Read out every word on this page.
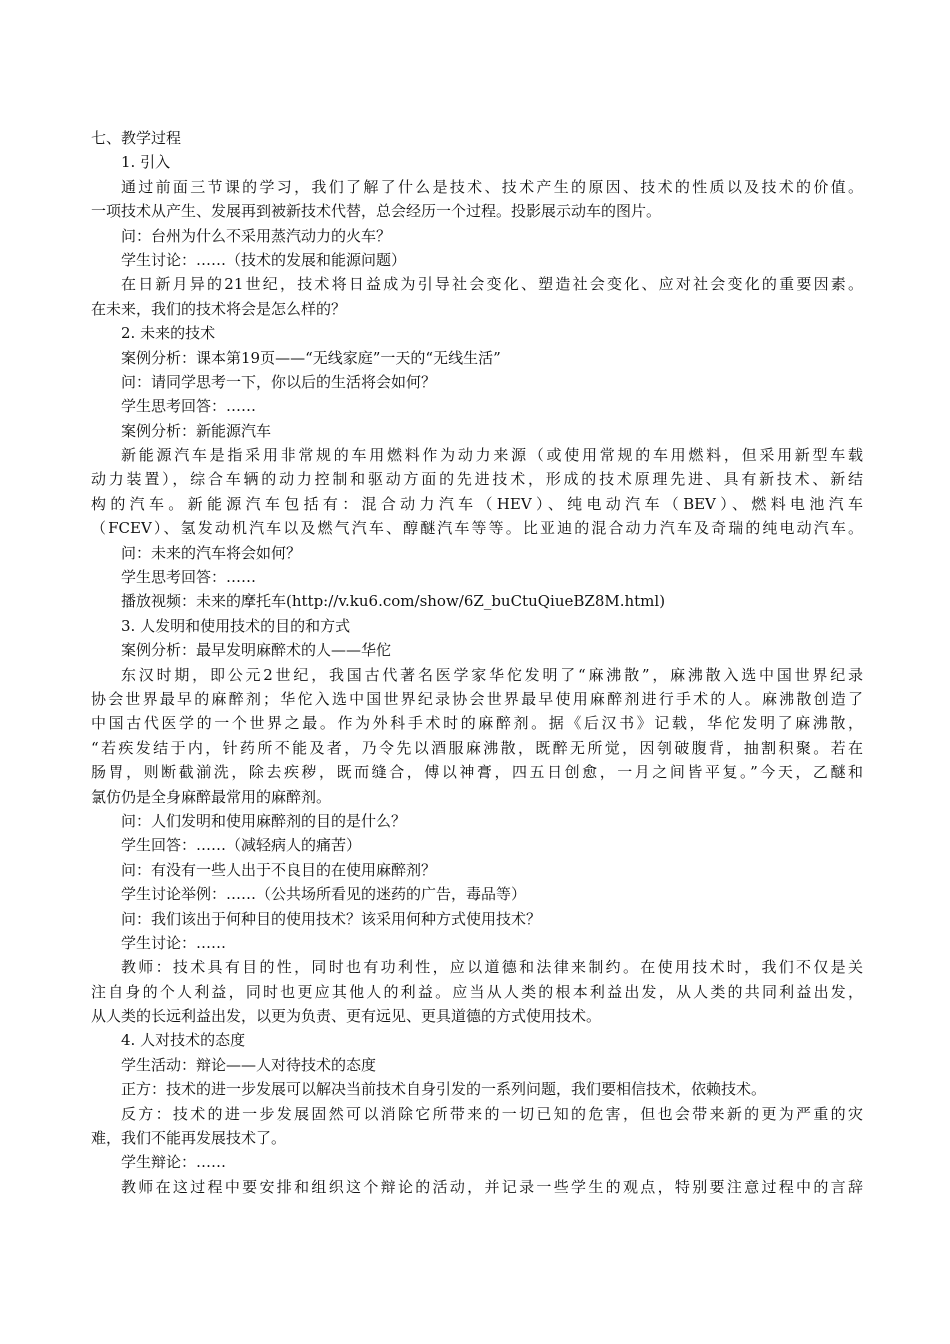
七、教学过程
1. 引入
通过前面三节课的学习，我们了解了什么是技术、技术产生的原因、技术的性质以及技术的价值。
一项技术从产生、发展再到被新技术代替，总会经历一个过程。投影展示动车的图片。
问：台州为什么不采用蒸汽动力的火车？
学生讨论：……（技术的发展和能源问题）
在日新月异的21世纪，技术将日益成为引导社会变化、塑造社会变化、应对社会变化的重要因素。
在未来，我们的技术将会是怎么样的？
2. 未来的技术
案例分析：课本第19页——“无线家庭”一天的“无线生活”
问：请同学思考一下，你以后的生活将会如何？
学生思考回答：……
案例分析：新能源汽车
新能源汽车是指采用非常规的车用燃料作为动力来源（或使用常规的车用燃料，但采用新型车载
动力装置），综合车辆的动力控制和驱动方面的先进技术，形成的技术原理先进、具有新技术、新结
构的汽车。新能源汽车包括有：混合动力汽车（HEV）、纯电动汽车（BEV）、燃料电池汽车
（FCEV）、氢发动机汽车以及燃气汽车、醇醚汽车等等。比亚迪的混合动力汽车及奇瑞的纯电动汽车。
问：未来的汽车将会如何？
学生思考回答：……
播放视频：未来的摩托车(http://v.ku6.com/show/6Z_buCtuQiueBZ8M.html)
3. 人发明和使用技术的目的和方式
案例分析：最早发明麻醉术的人——华佗
东汉时期，即公元2世纪，我国古代著名医学家华佗发明了“麻沸散”，麻沸散入选中国世界纪录
协会世界最早的麻醉剂；华佗入选中国世界纪录协会世界最早使用麻醉剂进行手术的人。麻沸散创造了
中国古代医学的一个世界之最。作为外科手术时的麻醉剂。据《后汉书》记载，华佗发明了麻沸散，
“若疾发结于内，针药所不能及者，乃令先以酒服麻沸散，既醉无所觉，因刳破腹背，抽割积聚。若在
肠胃，则断截湔洗，除去疾秽，既而缝合，傅以神膏，四五日创愈，一月之间皆平复。”今天，乙醚和
氯仿仍是全身麻醉最常用的麻醉剂。
问：人们发明和使用麻醉剂的目的是什么？
学生回答：……（减轻病人的痛苦）
问：有没有一些人出于不良目的在使用麻醉剂？
学生讨论举例：……（公共场所看见的迷药的广告，毒品等）
问：我们该出于何种目的使用技术？该采用何种方式使用技术？
学生讨论：……
教师：技术具有目的性，同时也有功利性，应以道德和法律来制约。在使用技术时，我们不仅是关
注自身的个人利益，同时也更应其他人的利益。应当从人类的根本利益出发，从人类的共同利益出发，
从人类的长远利益出发，以更为负责、更有远见、更具道德的方式使用技术。
4. 人对技术的态度
学生活动：辩论——人对待技术的态度
正方：技术的进一步发展可以解决当前技术自身引发的一系列问题，我们要相信技术，依赖技术。
反方：技术的进一步发展固然可以消除它所带来的一切已知的危害，但也会带来新的更为严重的灾
难，我们不能再发展技术了。
学生辩论：……
教师在这过程中要安排和组织这个辩论的活动，并记录一些学生的观点，特别要注意过程中的言辞
